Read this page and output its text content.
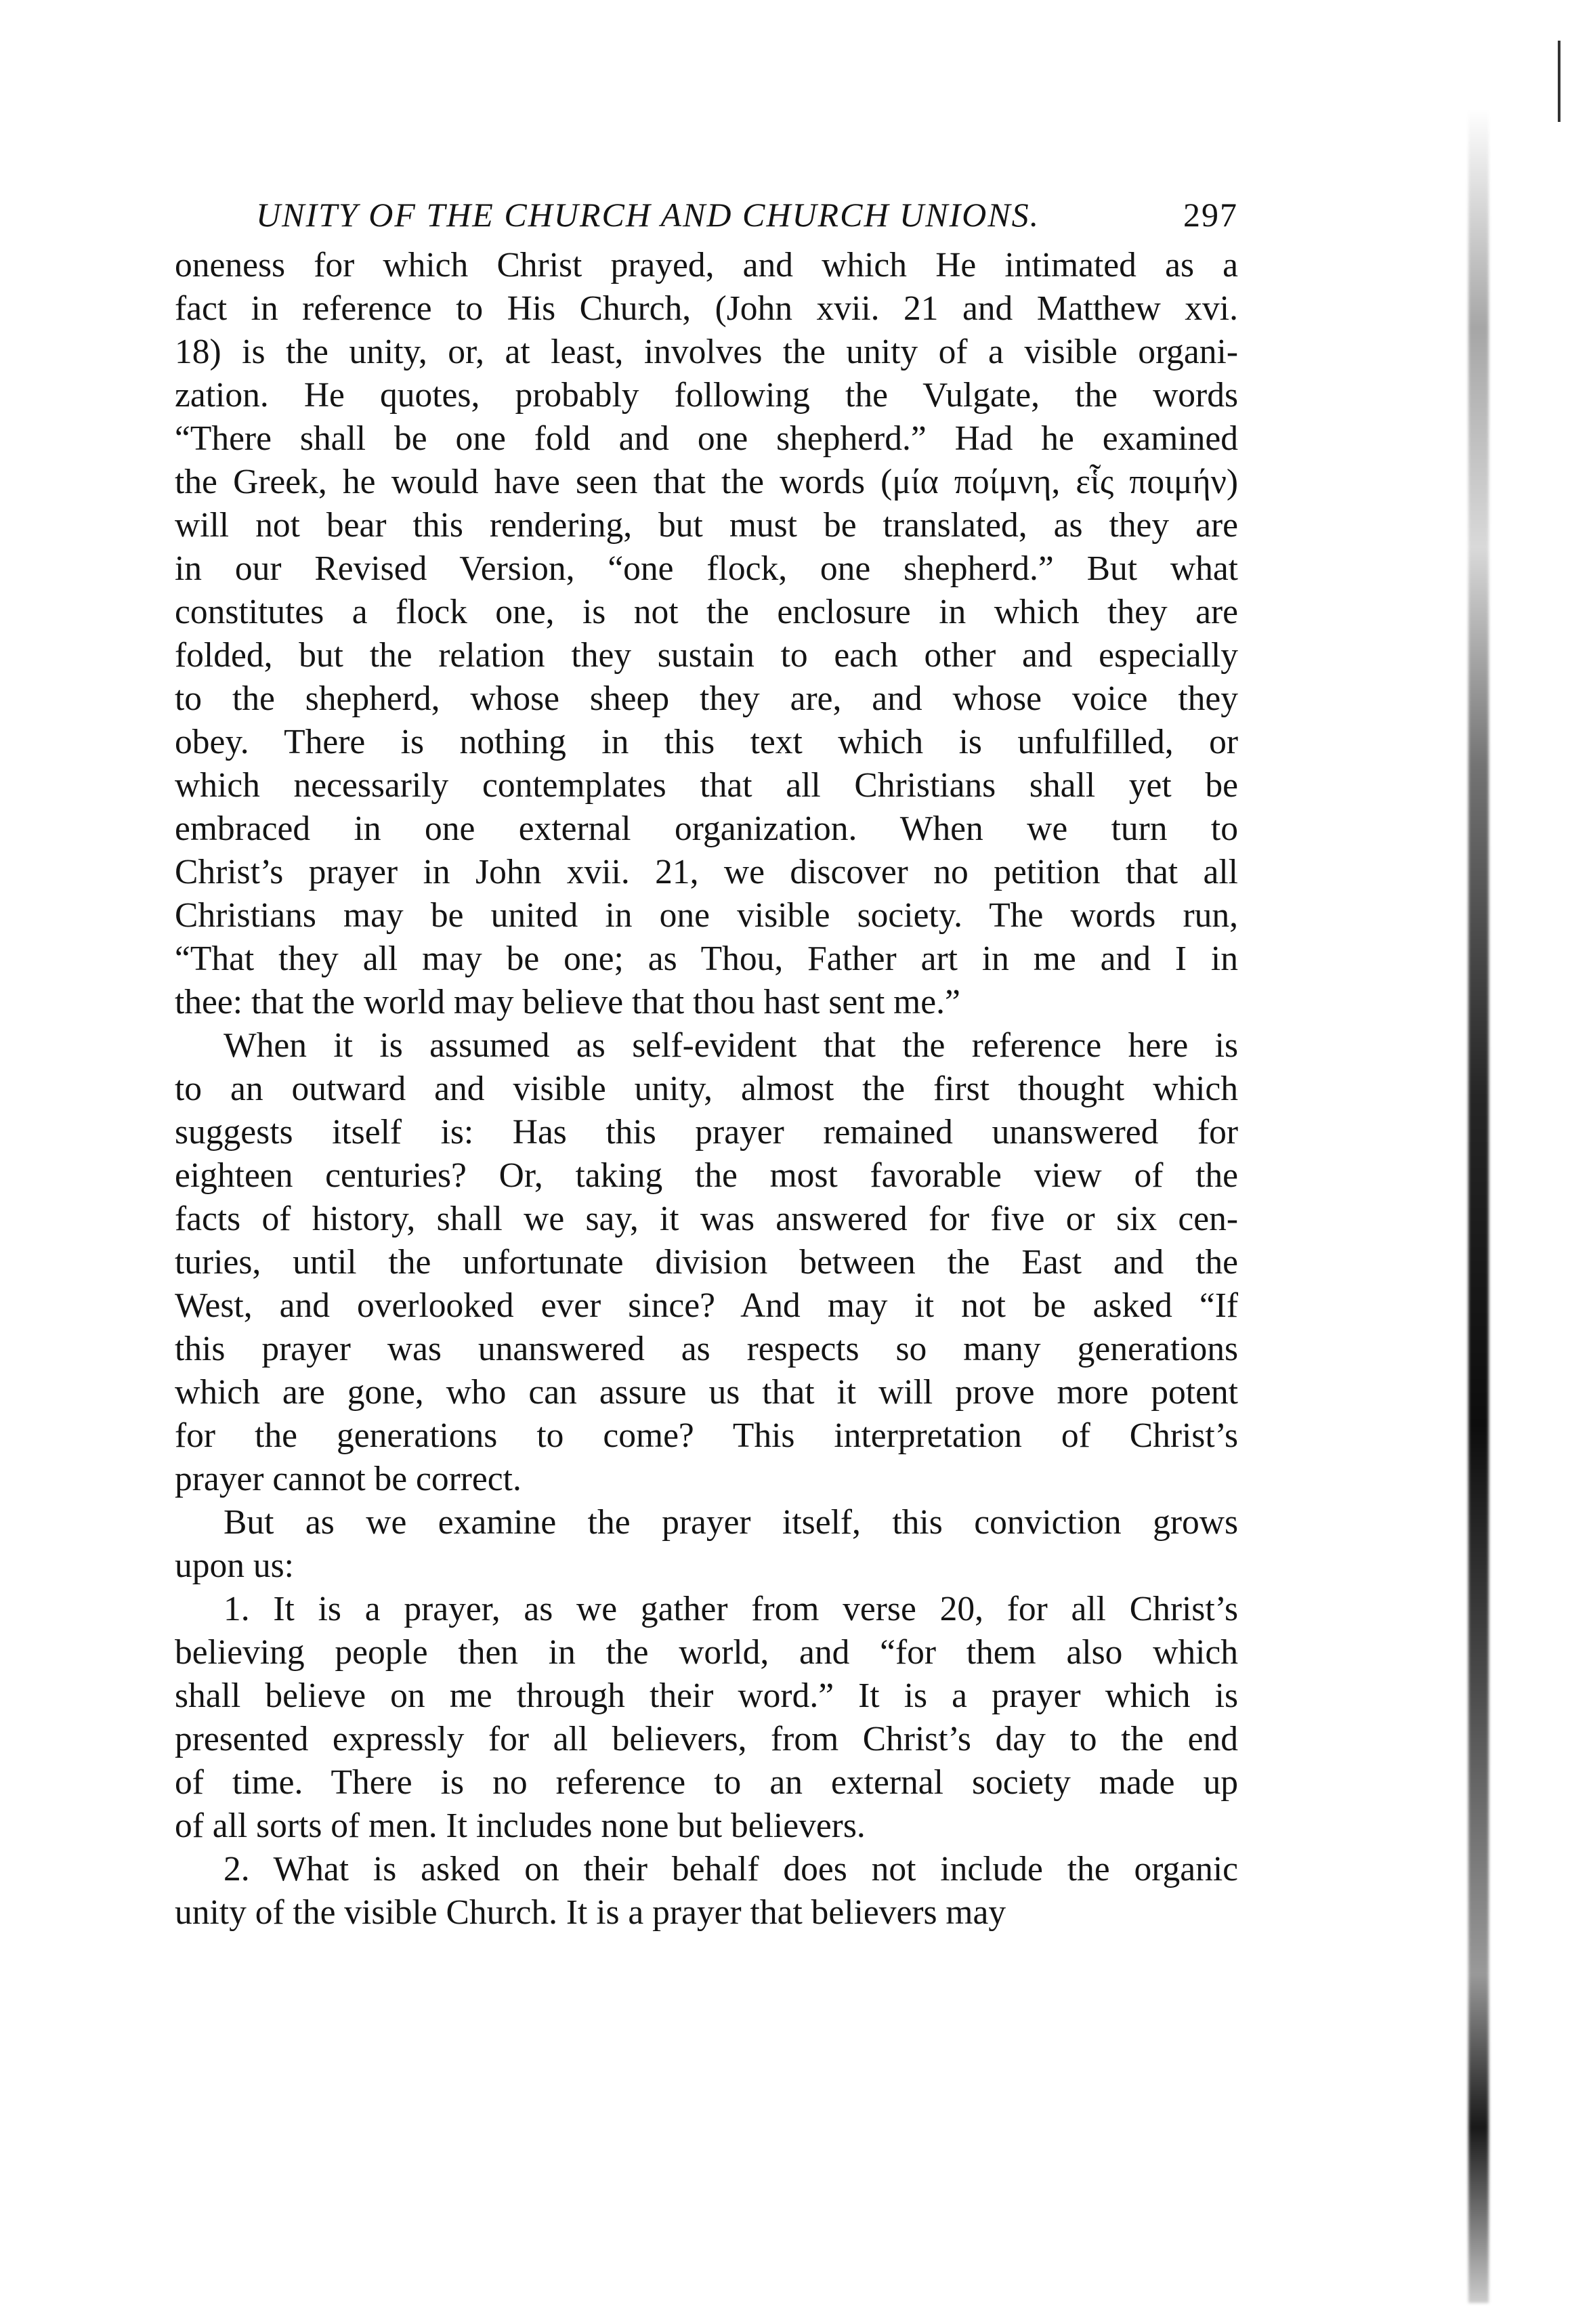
UNITY OF THE CHURCH AND CHURCH UNIONS.	297
oneness for which Christ prayed, and which He intimated as a
fact in reference to His Church, (John xvii. 21 and Matthew xvi.
18) is the unity, or, at least, involves the unity of a visible organi-
zation. He quotes, probably following the Vulgate, the words
“There shall be one fold and one shepherd.” Had he examined
the Greek, he would have seen that the words (μία ποίμνη, εἷς ποιμήν)
will not bear this rendering, but must be translated, as they are
in our Revised Version, “one flock, one shepherd.” But what
constitutes a flock one, is not the enclosure in which they are
folded, but the relation they sustain to each other and especially
to the shepherd, whose sheep they are, and whose voice they
obey. There is nothing in this text which is unfulfilled, or
which necessarily contemplates that all Christians shall yet be
embraced in one external organization. When we turn to
Christ’s prayer in John xvii. 21, we discover no petition that all
Christians may be united in one visible society. The words run,
“That they all may be one; as Thou, Father art in me and I in
thee: that the world may believe that thou hast sent me.”
When it is assumed as self-evident that the reference here is
to an outward and visible unity, almost the first thought which
suggests itself is: Has this prayer remained unanswered for
eighteen centuries? Or, taking the most favorable view of the
facts of history, shall we say, it was answered for five or six cen-
turies, until the unfortunate division between the East and the
West, and overlooked ever since? And may it not be asked “If
this prayer was unanswered as respects so many generations
which are gone, who can assure us that it will prove more potent
for the generations to come? This interpretation of Christ’s
prayer cannot be correct.
But as we examine the prayer itself, this conviction grows
upon us:
1. It is a prayer, as we gather from verse 20, for all Christ’s
believing people then in the world, and “for them also which
shall believe on me through their word.” It is a prayer which is
presented expressly for all believers, from Christ’s day to the end
of time. There is no reference to an external society made up
of all sorts of men. It includes none but believers.
2. What is asked on their behalf does not include the organic
unity of the visible Church. It is a prayer that believers may
